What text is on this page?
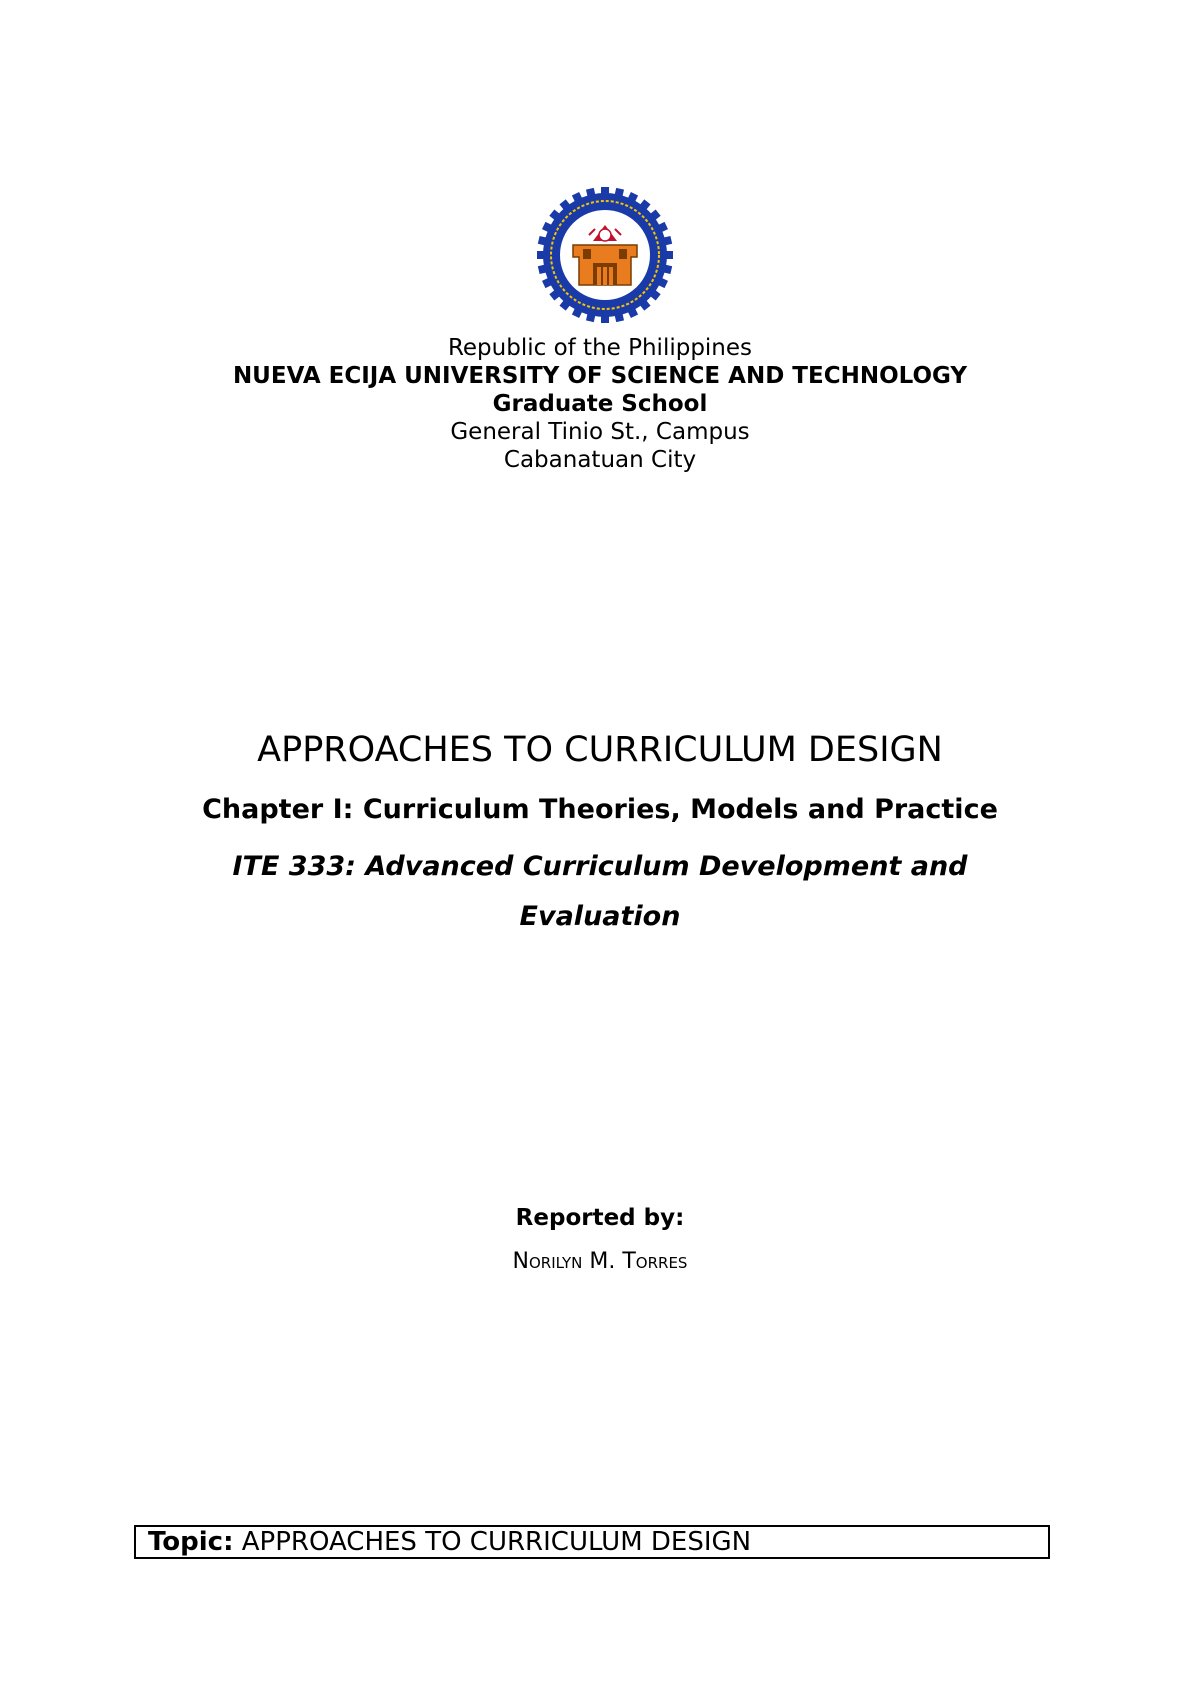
Republic of the Philippines
NUEVA ECIJA UNIVERSITY OF SCIENCE AND TECHNOLOGY
Graduate School
General Tinio St., Campus
Cabanatuan City
APPROACHES TO CURRICULUM DESIGN
Chapter I: Curriculum Theories, Models and Practice
ITE 333: Advanced Curriculum Development and
Evaluation
Reported by:
Norilyn M. Torres
Topic: APPROACHES TO CURRICULUM DESIGN
